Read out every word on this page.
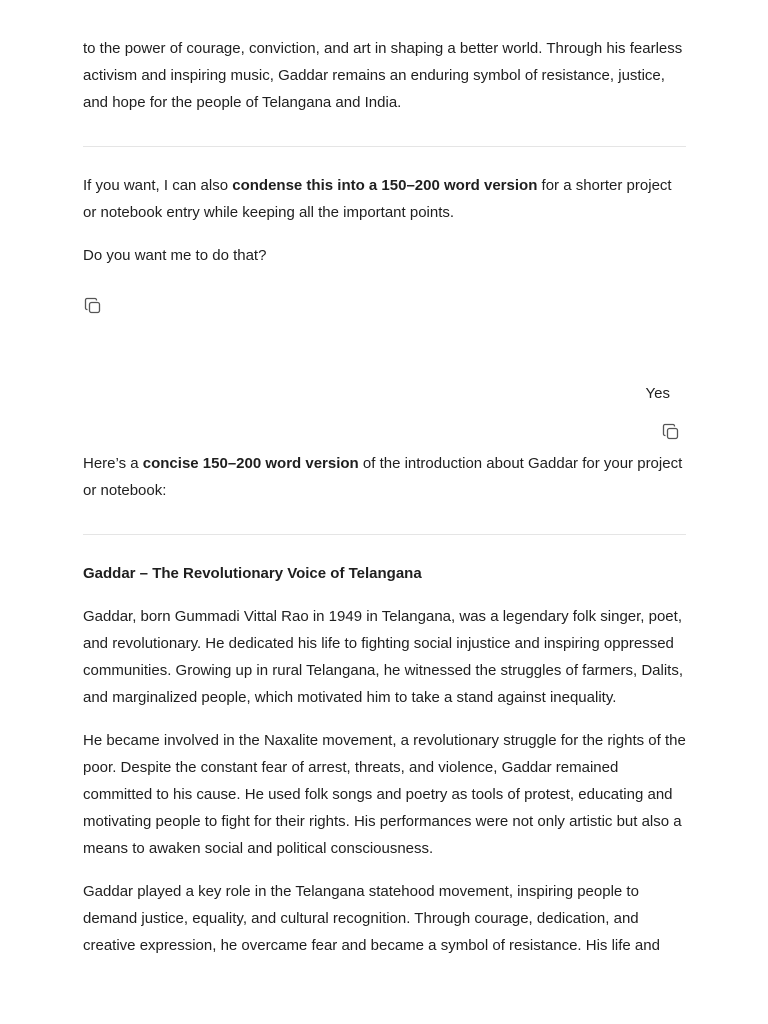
to the power of courage, conviction, and art in shaping a better world. Through his fearless activism and inspiring music, Gaddar remains an enduring symbol of resistance, justice, and hope for the people of Telangana and India.

If you want, I can also condense this into a 150–200 word version for a shorter project or notebook entry while keeping all the important points.

Do you want me to do that?

Yes

Here’s a concise 150–200 word version of the introduction about Gaddar for your project or notebook:

Gaddar – The Revolutionary Voice of Telangana

Gaddar, born Gummadi Vittal Rao in 1949 in Telangana, was a legendary folk singer, poet, and revolutionary. He dedicated his life to fighting social injustice and inspiring oppressed communities. Growing up in rural Telangana, he witnessed the struggles of farmers, Dalits, and marginalized people, which motivated him to take a stand against inequality.

He became involved in the Naxalite movement, a revolutionary struggle for the rights of the poor. Despite the constant fear of arrest, threats, and violence, Gaddar remained committed to his cause. He used folk songs and poetry as tools of protest, educating and motivating people to fight for their rights. His performances were not only artistic but also a means to awaken social and political consciousness.

Gaddar played a key role in the Telangana statehood movement, inspiring people to demand justice, equality, and cultural recognition. Through courage, dedication, and creative expression, he overcame fear and became a symbol of resistance. His life and
